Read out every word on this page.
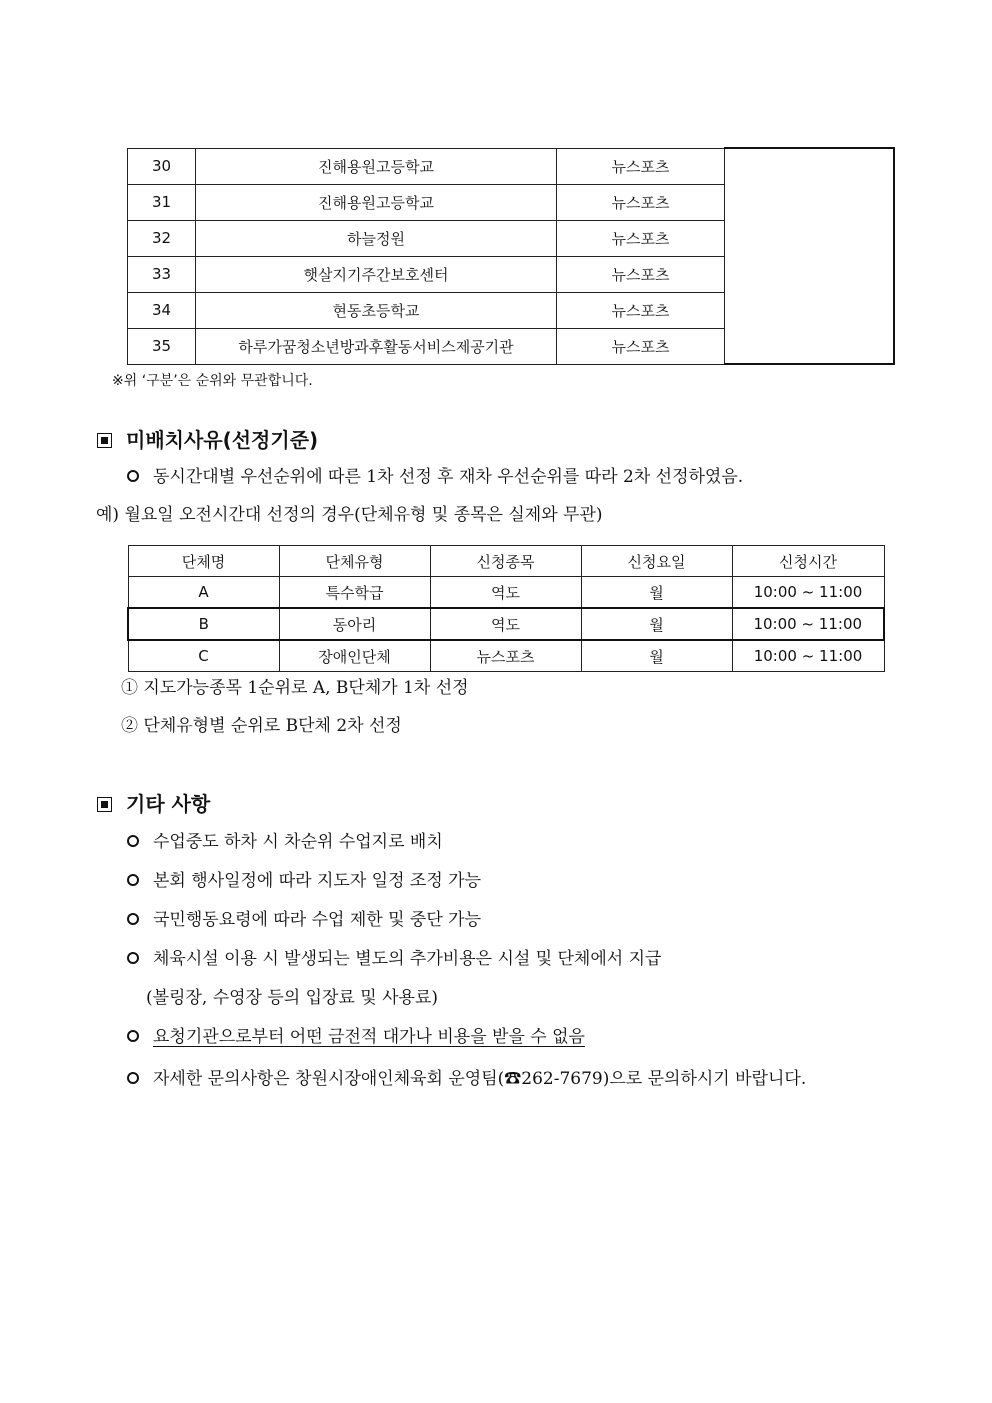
30	진해용원고등학교	뉴스포츠	
31	진해용원고등학교	뉴스포츠	
32	하늘정원	뉴스포츠	
33	햇살지기주간보호센터	뉴스포츠	
34	현동초등학교	뉴스포츠	
35	하루가꿈청소년방과후활동서비스제공기관	뉴스포츠	
※위 ‘구분’은 순위와 무관합니다.
미배치사유(선정기준)
동시간대별 우선순위에 따른 1차 선정 후 재차 우선순위를 따라 2차 선정하였음.
예) 월요일 오전시간대 선정의 경우(단체유형 및 종목은 실제와 무관)
단체명	단체유형	신청종목	신청요일	신청시간
A	특수학급	역도	월	10:00 ~ 11:00
B	동아리	역도	월	10:00 ~ 11:00
C	장애인단체	뉴스포츠	월	10:00 ~ 11:00
① 지도가능종목 1순위로 A, B단체가 1차 선정
② 단체유형별 순위로 B단체 2차 선정
기타 사항
수업중도 하차 시 차순위 수업지로 배치
본회 행사일정에 따라 지도자 일정 조정 가능
국민행동요령에 따라 수업 제한 및 중단 가능
체육시설 이용 시 발생되는 별도의 추가비용은 시설 및 단체에서 지급
(볼링장, 수영장 등의 입장료 및 사용료)
요청기관으로부터 어떤 금전적 대가나 비용을 받을 수 없음
자세한 문의사항은 창원시장애인체육회 운영팀(☎262-7679)으로 문의하시기 바랍니다.
